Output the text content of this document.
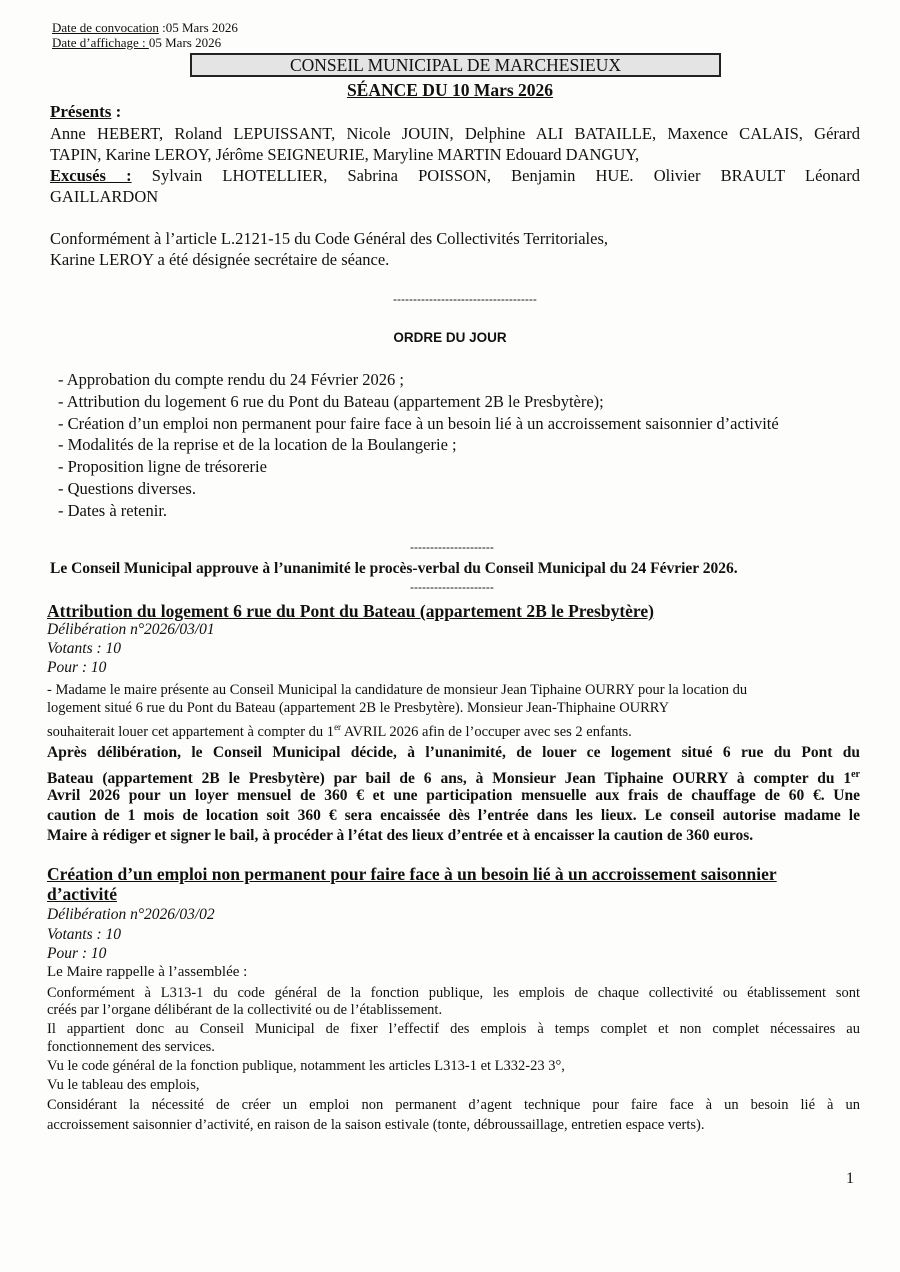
Date de convocation :05 Mars 2026
Date d’affichage : 05 Mars 2026
CONSEIL MUNICIPAL DE MARCHESIEUX
SÉANCE DU 10 Mars 2026
Présents :
Anne HEBERT, Roland LEPUISSANT, Nicole JOUIN, Delphine ALI BATAILLE, Maxence CALAIS, Gérard
TAPIN, Karine LEROY, Jérôme SEIGNEURIE, Maryline MARTIN Edouard DANGUY,
Excusés : Sylvain LHOTELLIER, Sabrina POISSON, Benjamin HUE. Olivier BRAULT Léonard
GAILLARDON
Conformément à l’article L.2121-15 du Code Général des Collectivités Territoriales,
Karine LEROY a été désignée secrétaire de séance.
------------------------------------
ORDRE DU JOUR
- Approbation du compte rendu du 24 Février 2026 ;
- Attribution du logement 6 rue du Pont du Bateau (appartement 2B le Presbytère);
- Création d’un emploi non permanent pour faire face à un besoin lié à un accroissement saisonnier d’activité
- Modalités de la reprise et de la location de la Boulangerie ;
- Proposition ligne de trésorerie
- Questions diverses.
- Dates à retenir.
---------------------
Le Conseil Municipal approuve à l’unanimité le procès-verbal du Conseil Municipal du 24 Février 2026.
---------------------
Attribution du logement 6 rue du Pont du Bateau (appartement 2B le Presbytère)
Délibération n°2026/03/01
Votants : 10
Pour : 10
- Madame le maire présente au Conseil Municipal la candidature de monsieur Jean Tiphaine OURRY pour la location du
logement situé 6 rue du Pont du Bateau (appartement 2B le Presbytère). Monsieur Jean-Thiphaine OURRY
souhaiterait louer cet appartement à compter du 1er AVRIL 2026 afin de l’occuper avec ses 2 enfants.
Après délibération, le Conseil Municipal décide, à l’unanimité, de louer ce logement situé 6 rue du Pont du
Bateau (appartement 2B le Presbytère) par bail de 6 ans, à Monsieur Jean Tiphaine OURRY à compter du 1er
Avril 2026 pour un loyer mensuel de 360 € et une participation mensuelle aux frais de chauffage de 60 €. Une
caution de 1 mois de location soit 360 € sera encaissée dès l’entrée dans les lieux. Le conseil autorise madame le
Maire à rédiger et signer le bail, à procéder à l’état des lieux d’entrée et à encaisser la caution de 360 euros.
Création d’un emploi non permanent pour faire face à un besoin lié à un accroissement saisonnier
d’activité
Délibération n°2026/03/02
Votants : 10
Pour : 10
Le Maire rappelle à l’assemblée :
Conformément à L313-1 du code général de la fonction publique, les emplois de chaque collectivité ou établissement sont
créés par l’organe délibérant de la collectivité ou de l’établissement.
Il appartient donc au Conseil Municipal de fixer l’effectif des emplois à temps complet et non complet nécessaires au
fonctionnement des services.
Vu le code général de la fonction publique, notamment les articles L313-1 et L332-23 3°,
Vu le tableau des emplois,
Considérant la nécessité de créer un emploi non permanent d’agent technique pour faire face à un besoin lié à un
accroissement saisonnier d’activité, en raison de la saison estivale (tonte, débroussaillage, entretien espace verts).
1
